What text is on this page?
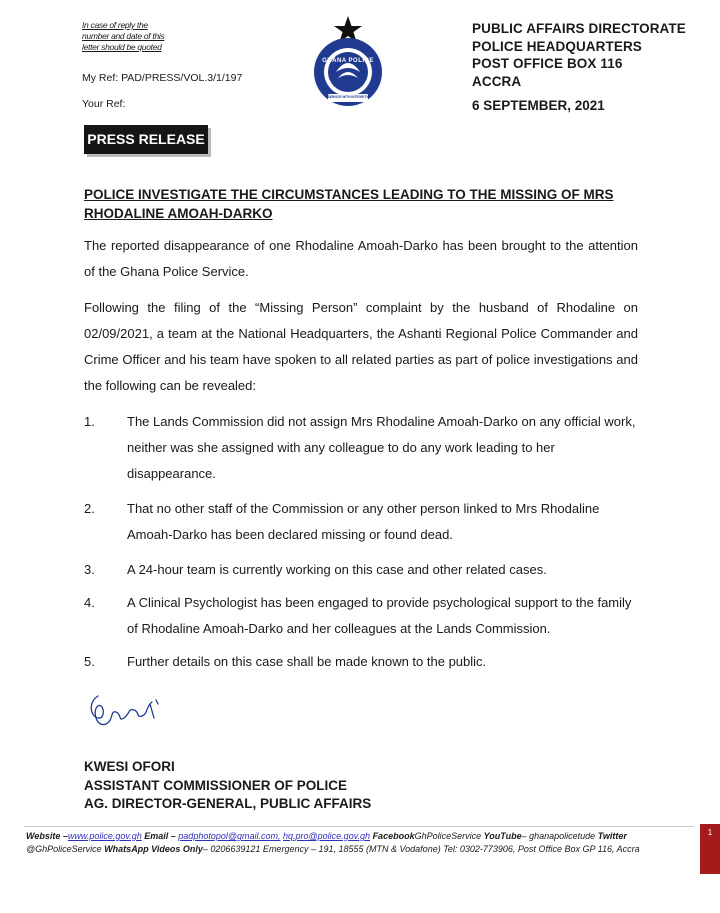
In case of reply the
number and date of this
letter should be quoted
My Ref: PAD/PRESS/VOL.3/1/197
Your Ref:
GHANA POLICE
SERVICE WITH INTEGRITY
PUBLIC AFFAIRS DIRECTORATE
POLICE HEADQUARTERS
POST OFFICE BOX 116
ACCRA
6 SEPTEMBER, 2021
PRESS RELEASE
POLICE INVESTIGATE THE CIRCUMSTANCES LEADING TO THE MISSING OF MRS RHODALINE AMOAH-DARKO
The reported disappearance of one Rhodaline Amoah-Darko has been brought to the attention of the Ghana Police Service.
Following the filing of the “Missing Person” complaint by the husband of Rhodaline on 02/09/2021, a team at the National Headquarters, the Ashanti Regional Police Commander and Crime Officer and his team have spoken to all related parties as part of police investigations and the following can be revealed:
1. The Lands Commission did not assign Mrs Rhodaline Amoah-Darko on any official work, neither was she assigned with any colleague to do any work leading to her disappearance.
2. That no other staff of the Commission or any other person linked to Mrs Rhodaline Amoah-Darko has been declared missing or found dead.
3. A 24-hour team is currently working on this case and other related cases.
4. A Clinical Psychologist has been engaged to provide psychological support to the family of Rhodaline Amoah-Darko and her colleagues at the Lands Commission.
5. Further details on this case shall be made known to the public.
KWESI OFORI
ASSISTANT COMMISSIONER OF POLICE
AG. DIRECTOR-GENERAL, PUBLIC AFFAIRS
Website –www.police.gov.gh Email – padphotopol@gmail.com, hq.pro@police.gov.gh FacebookGhPoliceService YouTube– ghanapolicetude Twitter
@GhPoliceService WhatsApp Videos Only– 0206639121 Emergency – 191, 18555 (MTN & Vodafone) Tel: 0302-773906, Post Office Box GP 116, Accra
1
